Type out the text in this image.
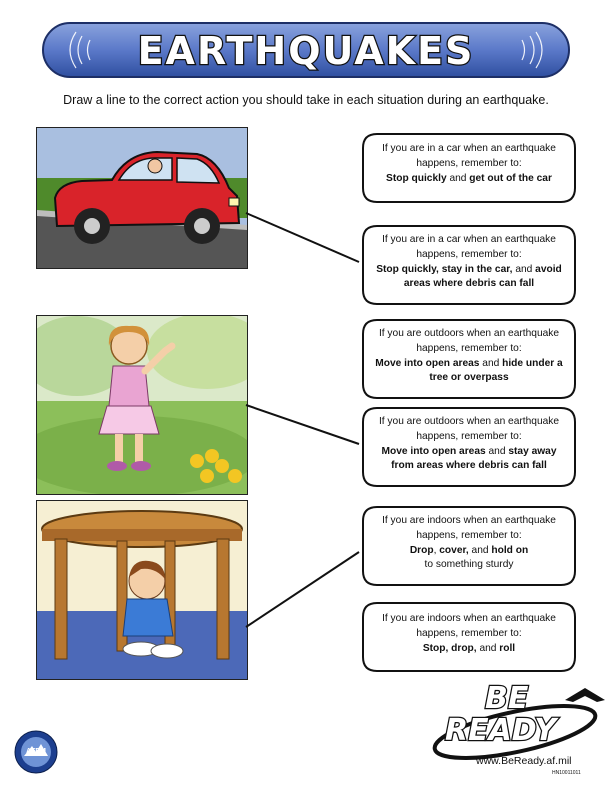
EARTHQUAKES
Draw a line to the correct action you should take in each situation during an earthquake.
If you are in a car when an earthquake
happens, remember to:
Stop quickly and get out of the car
If you are in a car when an earthquake
happens, remember to:
Stop quickly, stay in the car, and avoid
areas where debris can fall
If you are outdoors when an earthquake
happens, remember to:
Move into open areas and hide under a
tree or overpass
If you are outdoors when an earthquake
happens, remember to:
Move into open areas and stay away
from areas where debris can fall
If you are indoors when an earthquake
happens, remember to:
Drop, cover, and hold on
to something sturdy
If you are indoors when an earthquake
happens, remember to:
Stop, drop, and roll
AFEM
BE
READY
www.BeReady.af.mil
HN10011011
